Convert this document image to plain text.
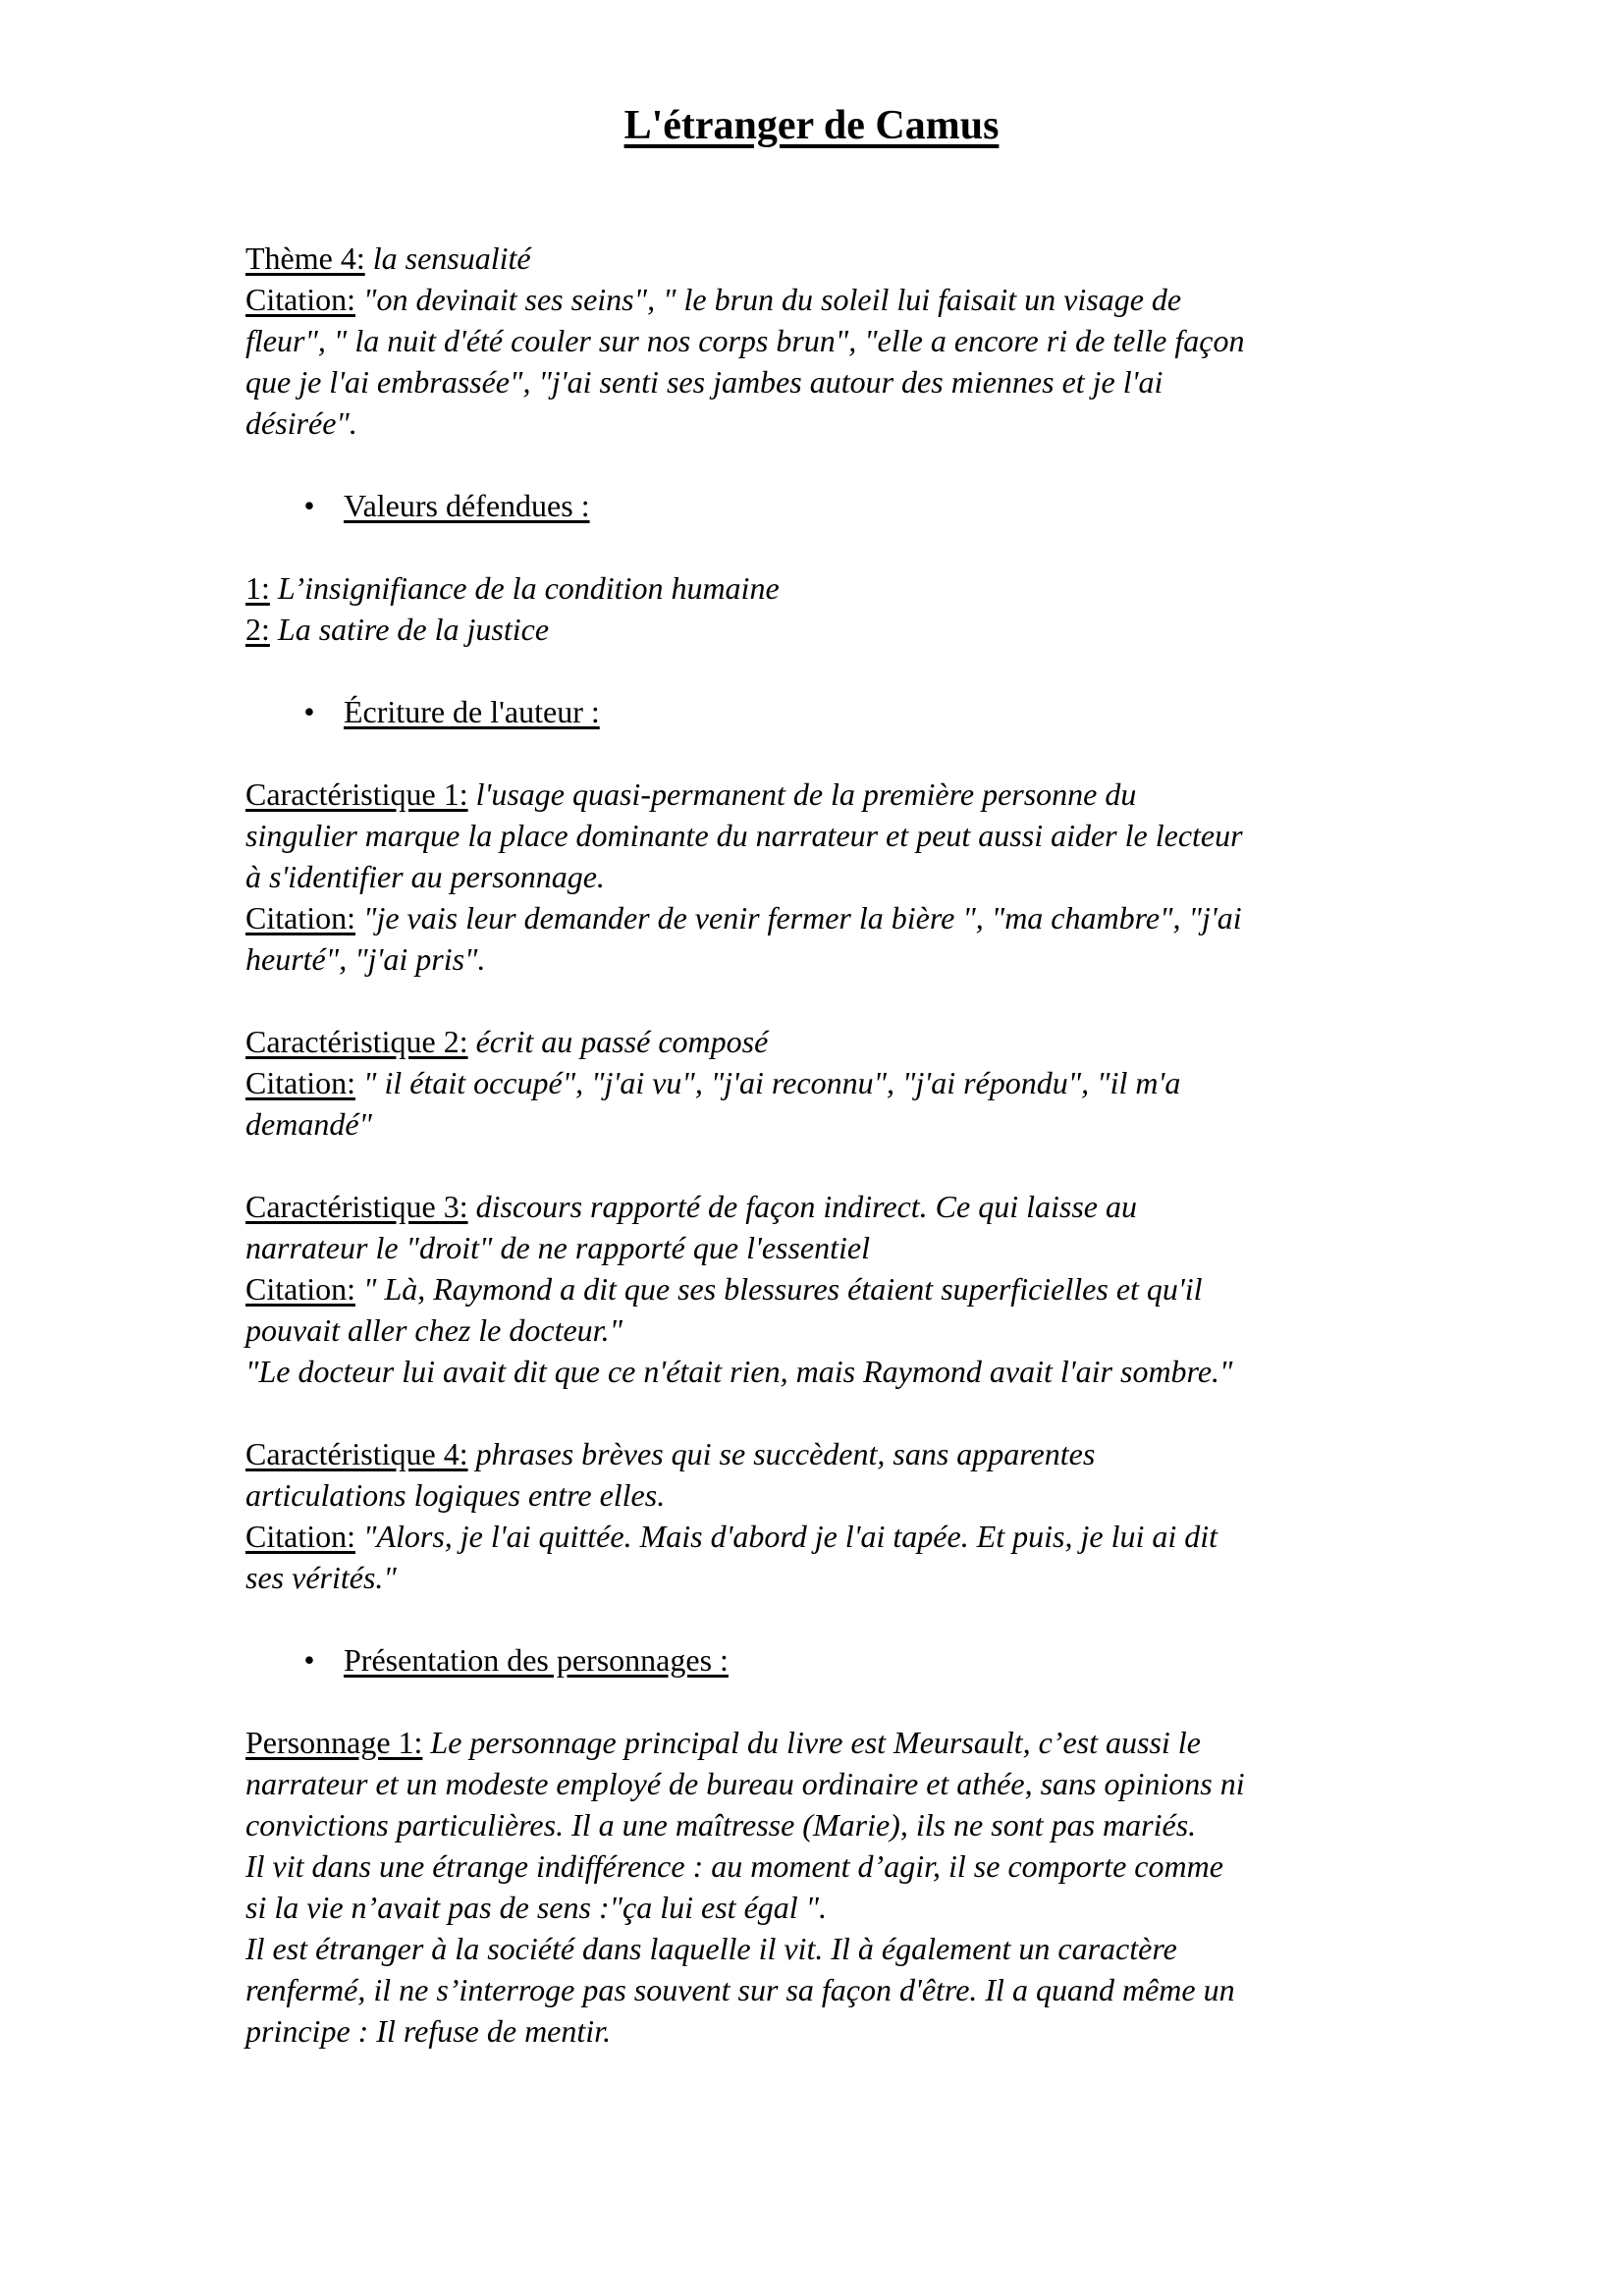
L'étranger de Camus

Thème 4: la sensualité

Citation: "on devinait ses seins", " le brun du soleil lui faisait un visage de

fleur", " la nuit d'été couler sur nos corps brun", "elle a encore ri de telle façon

que je l'ai embrassée", "j'ai senti ses jambes autour des miennes et je l'ai

désirée".

• Valeurs défendues :

1: L’insignifiance de la condition humaine

2: La satire de la justice

• Écriture de l'auteur :

Caractéristique 1: l'usage quasi-permanent de la première personne du

singulier marque la place dominante du narrateur et peut aussi aider le lecteur

à s'identifier au personnage.

Citation: "je vais leur demander de venir fermer la bière ", "ma chambre", "j'ai

heurté", "j'ai pris".

Caractéristique 2: écrit au passé composé

Citation: " il était occupé", "j'ai vu", "j'ai reconnu", "j'ai répondu", "il m'a

demandé"

Caractéristique 3: discours rapporté de façon indirect. Ce qui laisse au

narrateur le "droit" de ne rapporté que l'essentiel

Citation: " Là, Raymond a dit que ses blessures étaient superficielles et qu'il

pouvait aller chez le docteur."

"Le docteur lui avait dit que ce n'était rien, mais Raymond avait l'air sombre."

Caractéristique 4: phrases brèves qui se succèdent, sans apparentes

articulations logiques entre elles.

Citation: "Alors, je l'ai quittée. Mais d'abord je l'ai tapée. Et puis, je lui ai dit

ses vérités."

• Présentation des personnages :

Personnage 1: Le personnage principal du livre est Meursault, c’est aussi le

narrateur et un modeste employé de bureau ordinaire et athée, sans opinions ni

convictions particulières. Il a une maîtresse (Marie), ils ne sont pas mariés.

Il vit dans une étrange indifférence : au moment d’agir, il se comporte comme

si la vie n’avait pas de sens :"ça lui est égal ".

Il est étranger à la société dans laquelle il vit. Il à également un caractère

renfermé, il ne s’interroge pas souvent sur sa façon d'être. Il a quand même un

principe : Il refuse de mentir.
